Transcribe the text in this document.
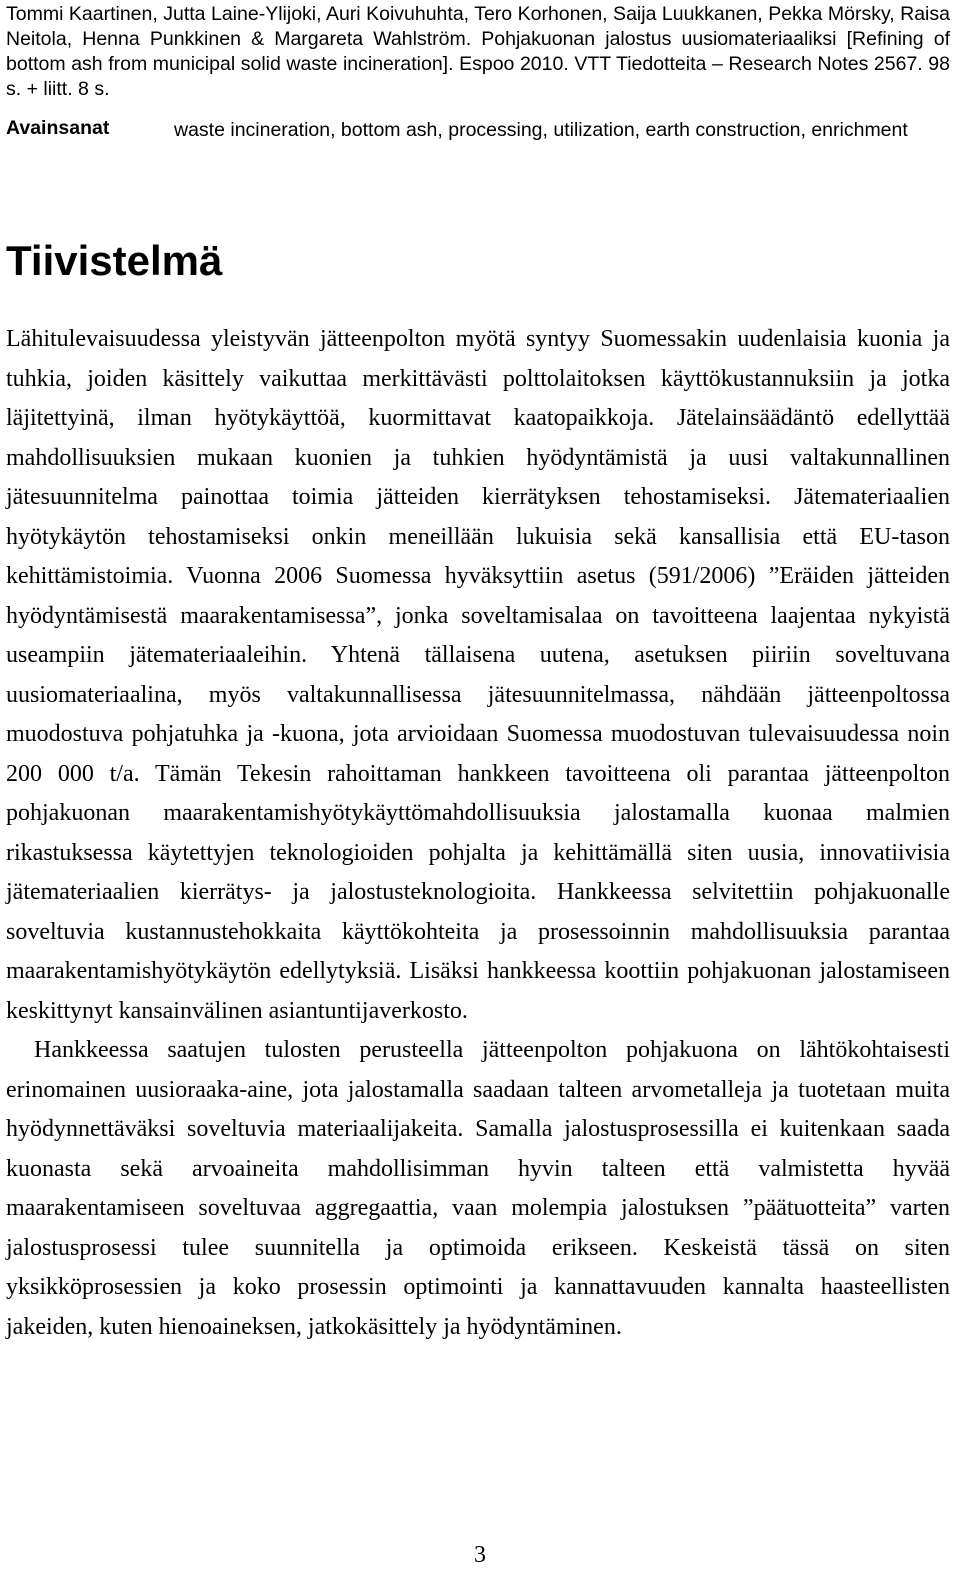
Tommi Kaartinen, Jutta Laine-Ylijoki, Auri Koivuhuhta, Tero Korhonen, Saija Luukkanen, Pekka Mörsky, Raisa Neitola, Henna Punkkinen & Margareta Wahlström. Pohjakuonan jalostus uusiomateriaaliksi [Refining of bottom ash from municipal solid waste incineration]. Espoo 2010. VTT Tiedotteita – Research Notes 2567. 98 s. + liitt. 8 s.
Avainsanat	waste incineration, bottom ash, processing, utilization, earth construction, enrichment
Tiivistelmä

Lähitulevaisuudessa yleistyvän jätteenpolton myötä syntyy Suomessakin uudenlaisia kuonia ja tuhkia, joiden käsittely vaikuttaa merkittävästi polttolaitoksen käyttökustannuksiin ja jotka läjitettyinä, ilman hyötykäyttöä, kuormittavat kaatopaikkoja. Jätelainsäädäntö edellyttää mahdollisuuksien mukaan kuonien ja tuhkien hyödyntämistä ja uusi valtakunnallinen jätesuunnitelma painottaa toimia jätteiden kierrätyksen tehostamiseksi. Jätemateriaalien hyötykäytön tehostamiseksi onkin meneillään lukuisia sekä kansallisia että EU-tason kehittämistoimia. Vuonna 2006 Suomessa hyväksyttiin asetus (591/2006) ”Eräiden jätteiden hyödyntämisestä maarakentamisessa”, jonka soveltamisalaa on tavoitteena laajentaa nykyistä useampiin jätemateriaaleihin. Yhtenä tällaisena uutena, asetuksen piiriin soveltuvana uusiomateriaalina, myös valtakunnallisessa jätesuunnitelmassa, nähdään jätteenpoltossa muodostuva pohjatuhka ja -kuona, jota arvioidaan Suomessa muodostuvan tulevaisuudessa noin 200 000 t/a. Tämän Tekesin rahoittaman hankkeen tavoitteena oli parantaa jätteenpolton pohjakuonan maarakentamishyötykäyttömahdollisuuksia jalostamalla kuonaa malmien rikastuksessa käytettyjen teknologioiden pohjalta ja kehittämällä siten uusia, innovatiivisia jätemateriaalien kierrätys- ja jalostusteknologioita. Hankkeessa selvitettiin pohjakuonalle soveltuvia kustannustehokkaita käyttökohteita ja prosessoinnin mahdollisuuksia parantaa maarakentamishyötykäytön edellytyksiä. Lisäksi hankkeessa koottiin pohjakuonan jalostamiseen keskittynyt kansainvälinen asiantuntijaverkosto.

Hankkeessa saatujen tulosten perusteella jätteenpolton pohjakuona on lähtökohtaisesti erinomainen uusioraaka-aine, jota jalostamalla saadaan talteen arvometalleja ja tuotetaan muita hyödynnettäväksi soveltuvia materiaalijakeita. Samalla jalostusprosessilla ei kuitenkaan saada kuonasta sekä arvoaineita mahdollisimman hyvin talteen että valmistetta hyvää maarakentamiseen soveltuvaa aggregaattia, vaan molempia jalostuksen ”päätuotteita” varten jalostusprosessi tulee suunnitella ja optimoida erikseen. Keskeistä tässä on siten yksikköprosessien ja koko prosessin optimointi ja kannattavuuden kannalta haasteellisten jakeiden, kuten hienoaineksen, jatkokäsittely ja hyödyntäminen.

3
